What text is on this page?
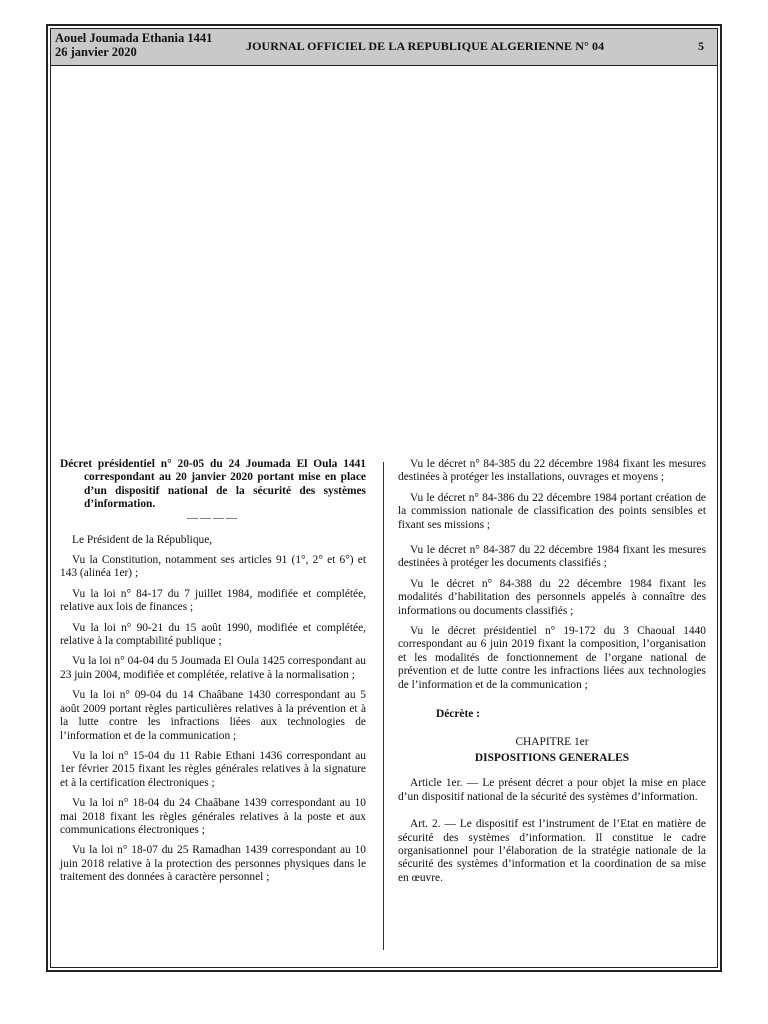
Aouel Joumada Ethania 1441
26 janvier 2020	JOURNAL OFFICIEL DE LA REPUBLIQUE ALGERIENNE N° 04	5

Décret présidentiel n° 20-05 du 24 Joumada El Oula 1441 correspondant au 20 janvier 2020 portant mise en place d’un dispositif national de la sécurité des systèmes d’information.

————

Le Président de la République,

Vu la Constitution, notamment ses articles 91 (1°, 2° et 6°) et 143 (alinéa 1er) ;

Vu la loi n° 84-17 du 7 juillet 1984, modifiée et complétée, relative aux lois de finances ;

Vu la loi n° 90-21 du 15 août 1990, modifiée et complétée, relative à la comptabilité publique ;

Vu la loi n° 04-04 du 5 Joumada El Oula 1425 correspondant au 23 juin 2004, modifiée et complétée, relative à la normalisation ;

Vu la loi n° 09-04 du 14 Chaâbane 1430 correspondant au 5 août 2009 portant règles particulières relatives à la prévention et à la lutte contre les infractions liées aux technologies de l’information et de la communication ;

Vu la loi n° 15-04 du 11 Rabie Ethani 1436 correspondant au 1er février 2015 fixant les règles générales relatives à la signature et à la certification électroniques ;

Vu la loi n° 18-04 du 24 Chaâbane 1439 correspondant au 10 mai 2018 fixant les règles générales relatives à la poste et aux communications électroniques ;

Vu la loi n° 18-07 du 25 Ramadhan 1439 correspondant au 10 juin 2018 relative à la protection des personnes physiques dans le traitement des données à caractère personnel ;

Vu le décret n° 84-385 du 22 décembre 1984 fixant les mesures destinées à protéger les installations, ouvrages et moyens ;

Vu le décret n° 84-386 du 22 décembre 1984 portant création de la commission nationale de classification des points sensibles et fixant ses missions ;

Vu le décret n° 84-387 du 22 décembre 1984 fixant les mesures destinées à protéger les documents classifiés ;

Vu le décret n° 84-388 du 22 décembre 1984 fixant les modalités d’habilitation des personnels appelés à connaître des informations ou documents classifiés ;

Vu le décret présidentiel n° 19-172 du 3 Chaoual 1440 correspondant au 6 juin 2019 fixant la composition, l’organisation et les modalités de fonctionnement de l’organe national de prévention et de lutte contre les infractions liées aux technologies de l’information et de la communication ;

Décrète :
CHAPITRE 1er
DISPOSITIONS GENERALES

Article 1er. — Le présent décret a pour objet la mise en place d’un dispositif national de la sécurité des systèmes d’information.

Art. 2. — Le dispositif est l’instrument de l’Etat en matière de sécurité des systèmes d’information. Il constitue le cadre organisationnel pour l’élaboration de la stratégie nationale de la sécurité des systèmes d’information et la coordination de sa mise en œuvre.
